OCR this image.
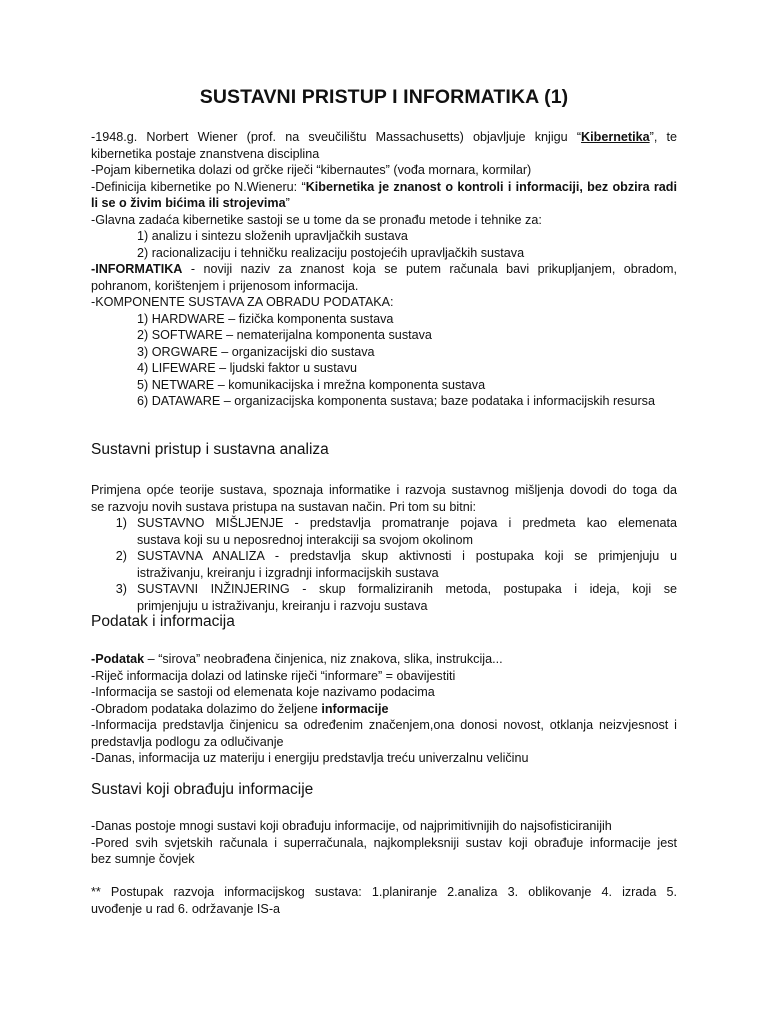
SUSTAVNI PRISTUP I INFORMATIKA (1)
-1948.g. Norbert Wiener (prof. na sveučilištu Massachusetts) objavljuje knjigu “Kibernetika”, te
kibernetika postaje znanstvena disciplina
-Pojam kibernetika dolazi od grčke riječi “kibernautes” (vođa mornara, kormilar)
-Definicija kibernetike po N.Wieneru: “Kibernetika je znanost o kontroli i informaciji, bez obzira radi
li se o živim bićima ili strojevima”
-Glavna zadaća kibernetike sastoji se u tome da se pronađu metode i tehnike za:
1) analizu i sintezu složenih upravljačkih sustava
2) racionalizaciju i tehničku realizaciju postojećih upravljačkih sustava
-INFORMATIKA - noviji naziv za znanost koja se putem računala bavi prikupljanjem, obradom,
pohranom, korištenjem i prijenosom informacija.
-KOMPONENTE SUSTAVA ZA OBRADU PODATAKA:
1) HARDWARE – fizička komponenta sustava
2) SOFTWARE – nematerijalna komponenta sustava
3) ORGWARE – organizacijski dio sustava
4) LIFEWARE – ljudski faktor u sustavu
5) NETWARE – komunikacijska i mrežna komponenta sustava
6) DATAWARE – organizacijska komponenta sustava; baze podataka i informacijskih resursa
Sustavni pristup i sustavna analiza
Primjena opće teorije sustava, spoznaja informatike i razvoja sustavnog mišljenja dovodi do toga da
se razvoju novih sustava pristupa na sustavan način. Pri tom su bitni:
1) SUSTAVNO MIŠLJENJE - predstavlja promatranje pojava i predmeta kao elemenata
sustava koji su u neposrednoj interakciji sa svojom okolinom
2) SUSTAVNA ANALIZA - predstavlja skup aktivnosti i postupaka koji se primjenjuju u
istraživanju, kreiranju i izgradnji informacijskih sustava
3) SUSTAVNI INŽINJERING - skup formaliziranih metoda, postupaka i ideja, koji se
primjenjuju u istraživanju, kreiranju i razvoju sustava
Podatak i informacija
-Podatak – “sirova” neobrađena činjenica, niz znakova, slika, instrukcija...
-Riječ informacija dolazi od latinske riječi “informare” = obavijestiti
-Informacija se sastoji od elemenata koje nazivamo podacima
-Obradom podataka dolazimo do željene informacije
-Informacija predstavlja činjenicu sa određenim značenjem,ona donosi novost, otklanja neizvjesnost i
predstavlja podlogu za odlučivanje
-Danas, informacija uz materiju i energiju predstavlja treću univerzalnu veličinu
Sustavi koji obrađuju informacije
-Danas postoje mnogi sustavi koji obrađuju informacije, od najprimitivnijih do najsofisticiranijih
-Pored svih svjetskih računala i superračunala, najkompleksniji sustav koji obrađuje informacije jest
bez sumnje čovjek
** Postupak razvoja informacijskog sustava: 1.planiranje 2.analiza 3. oblikovanje 4. izrada 5.
uvođenje u rad 6. održavanje IS-a
